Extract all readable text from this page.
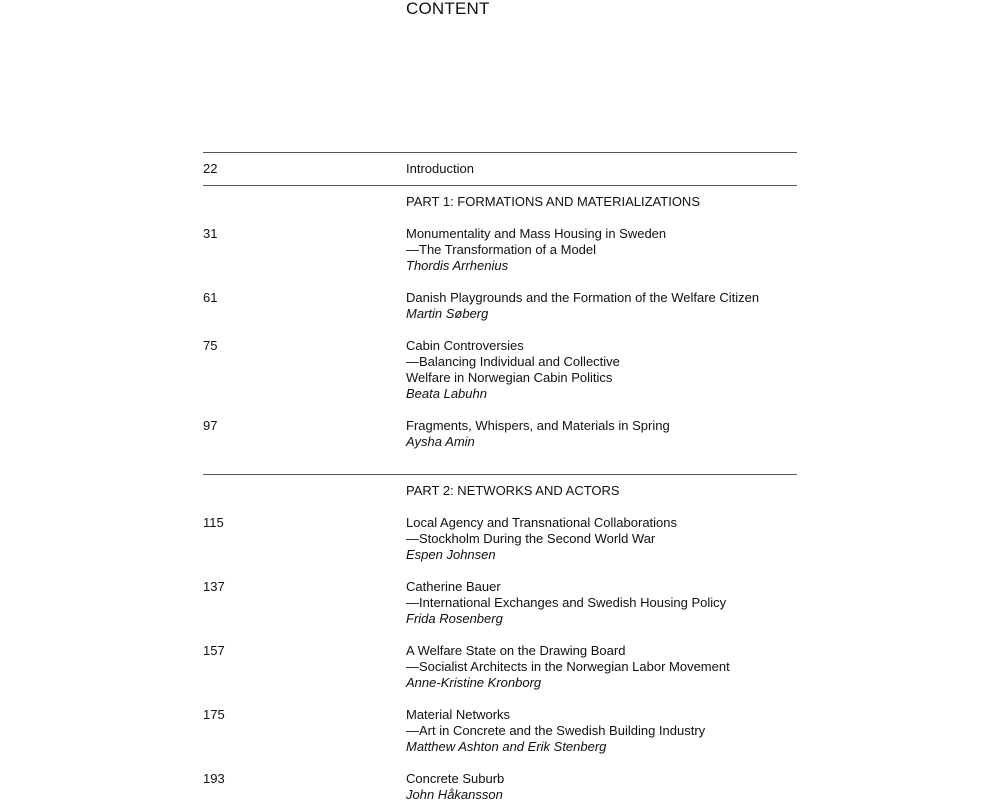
CONTENT
22	Introduction
PART 1: FORMATIONS AND MATERIALIZATIONS
31	Monumentality and Mass Housing in Sweden
—The Transformation of a Model
Thordis Arrhenius
61	Danish Playgrounds and the Formation of the Welfare Citizen
Martin Søberg
75	Cabin Controversies
—Balancing Individual and Collective
Welfare in Norwegian Cabin Politics
Beata Labuhn
97	Fragments, Whispers, and Materials in Spring
Aysha Amin
PART 2: NETWORKS AND ACTORS
115	Local Agency and Transnational Collaborations
—Stockholm During the Second World War
Espen Johnsen
137	Catherine Bauer
—International Exchanges and Swedish Housing Policy
Frida Rosenberg
157	A Welfare State on the Drawing Board
—Socialist Architects in the Norwegian Labor Movement
Anne-Kristine Kronborg
175	Material Networks
—Art in Concrete and the Swedish Building Industry
Matthew Ashton and Erik Stenberg
193	Concrete Suburb
John Håkansson
